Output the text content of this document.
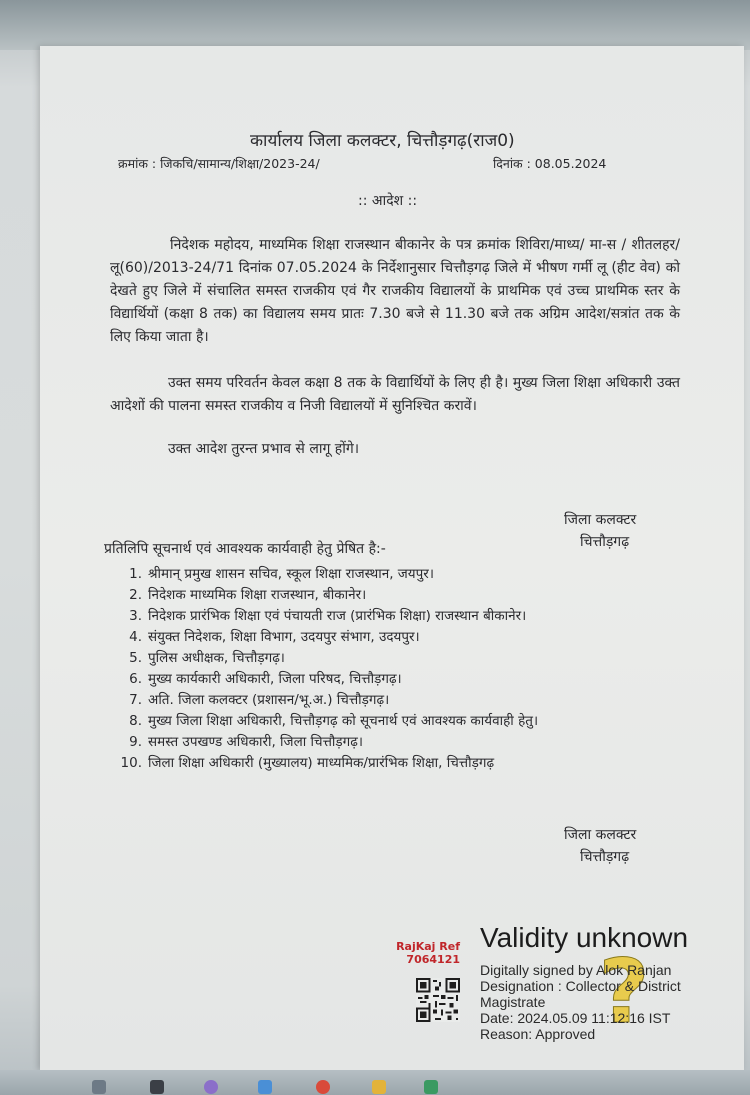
कार्यालय जिला कलक्टर, चित्तौड़गढ़(राज0)
क्रमांक : जिकचि/सामान्य/शिक्षा/2023-24/	दिनांक : 08.05.2024
:: आदेश ::
निदेशक महोदय, माध्यमिक शिक्षा राजस्थान बीकानेर के पत्र क्रमांक शिविरा/माध्य/ मा-स / शीतलहर/लू(60)/2013-24/71 दिनांक 07.05.2024 के निर्देशानुसार चित्तौड़गढ़ जिले में भीषण गर्मी लू (हीट वेव) को देखते हुए जिले में संचालित समस्त राजकीय एवं गैर राजकीय विद्यालयों के प्राथमिक एवं उच्च प्राथमिक स्तर के विद्यार्थियों (कक्षा 8 तक) का विद्यालय समय प्रातः 7.30 बजे से 11.30 बजे तक अग्रिम आदेश/सत्रांत तक के लिए किया जाता है।
उक्त समय परिवर्तन केवल कक्षा 8 तक के विद्यार्थियों के लिए ही है। मुख्य जिला शिक्षा अधिकारी उक्त आदेशों की पालना समस्त राजकीय व निजी विद्यालयों में सुनिश्चित करावें।
उक्त आदेश तुरन्त प्रभाव से लागू होंगे।
जिला कलक्टर
चित्तौड़गढ़
प्रतिलिपि सूचनार्थ एवं आवश्यक कार्यवाही हेतु प्रेषित है:-
1. श्रीमान् प्रमुख शासन सचिव, स्कूल शिक्षा राजस्थान, जयपुर।
2. निदेशक माध्यमिक शिक्षा राजस्थान, बीकानेर।
3. निदेशक प्रारंभिक शिक्षा एवं पंचायती राज (प्रारंभिक शिक्षा) राजस्थान बीकानेर।
4. संयुक्त निदेशक, शिक्षा विभाग, उदयपुर संभाग, उदयपुर।
5. पुलिस अधीक्षक, चित्तौड़गढ़।
6. मुख्य कार्यकारी अधिकारी, जिला परिषद, चित्तौड़गढ़।
7. अति. जिला कलक्टर (प्रशासन/भू.अ.) चित्तौड़गढ़।
8. मुख्य जिला शिक्षा अधिकारी, चित्तौड़गढ़ को सूचनार्थ एवं आवश्यक कार्यवाही हेतु।
9. समस्त उपखण्ड अधिकारी, जिला चित्तौड़गढ़।
10. जिला शिक्षा अधिकारी (मुख्यालय) माध्यमिक/प्रारंभिक शिक्षा, चित्तौड़गढ़
जिला कलक्टर
चित्तौड़गढ़
RajKaj Ref
7064121
Validity unknown
?
Digitally signed by Alok Ranjan
Designation : Collector & District
Magistrate
Date: 2024.05.09 11:12:16 IST
Reason: Approved
